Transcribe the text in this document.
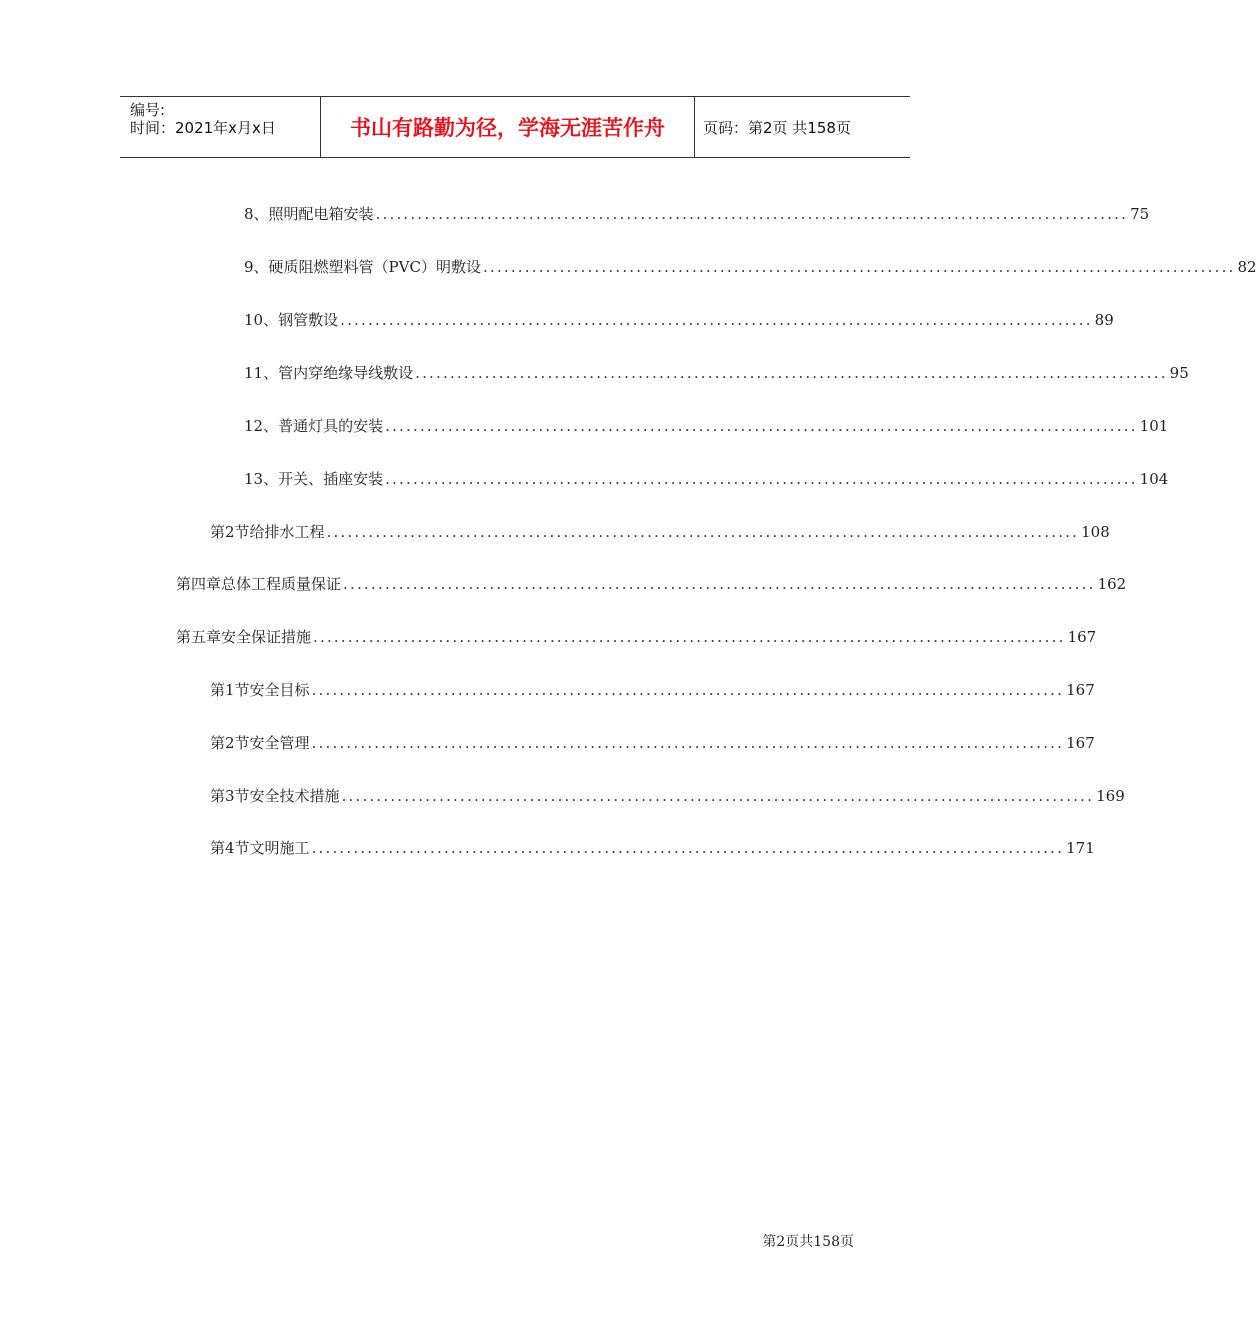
编号:
时间：2021年x月x日	书山有路勤为径，学海无涯苦作舟	页码：第2页 共158页
8、 照明配电箱安装 ............................................................................................................ 75
9、 硬质阻燃塑料管（PVC）明敷设 ............................................................................................................ 82
10、 钢管敷设 ............................................................................................................ 89
11、 管内穿绝缘导线敷设 ............................................................................................................ 95
12、 普通灯具的安装 ............................................................................................................ 101
13、 开关、插座安装 ............................................................................................................ 104
第2节 给排水工程 ............................................................................................................ 108
第四章 总体工程质量保证 ............................................................................................................ 162
第五章 安全保证措施 ............................................................................................................ 167
第1节 安全目标 ............................................................................................................ 167
第2节 安全管理 ............................................................................................................ 167
第3节 安全技术措施 ............................................................................................................ 169
第4节 文明施工 ............................................................................................................ 171
第2页共158页
